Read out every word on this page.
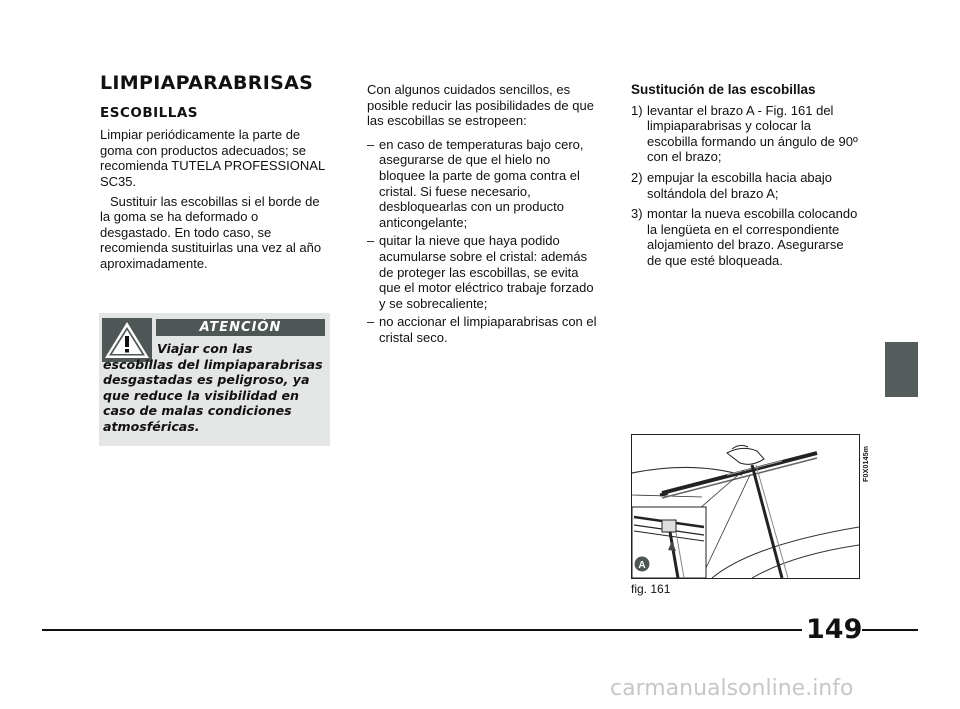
LIMPIAPARABRISAS
ESCOBILLAS

Limpiar periódicamente la parte de goma con productos adecuados; se recomienda TUTELA PROFESSIONAL SC35.

Sustituir las escobillas si el borde de la goma se ha deformado o desgastado. En todo caso, se recomienda sustituirlas una vez al año aproximadamente.

ATENCIÓN
Viajar con las escobillas del limpiaparabrisas desgastadas es peligroso, ya que reduce la visibilidad en caso de malas condiciones atmosféricas.

Con algunos cuidados sencillos, es posible reducir las posibilidades de que las escobillas se estropeen:

– en caso de temperaturas bajo cero, asegurarse de que el hielo no bloquee la parte de goma contra el cristal. Si fuese necesario, desbloquearlas con un producto anticongelante;
– quitar la nieve que haya podido acumularse sobre el cristal: además de proteger las escobillas, se evita que el motor eléctrico trabaje forzado y se sobrecaliente;
– no accionar el limpiaparabrisas con el cristal seco.
Sustitución de las escobillas
1) levantar el brazo A - Fig. 161 del limpiaparabrisas y colocar la escobilla formando un ángulo de 90º con el brazo;
2) empujar la escobilla hacia abajo soltándola del brazo A;
3) montar la nueva escobilla colocando la lengüeta en el correspondiente alojamiento del brazo. Asegurarse de que esté bloqueada.
A
F0X0145m
fig. 161
149
carmanualsonline.info
